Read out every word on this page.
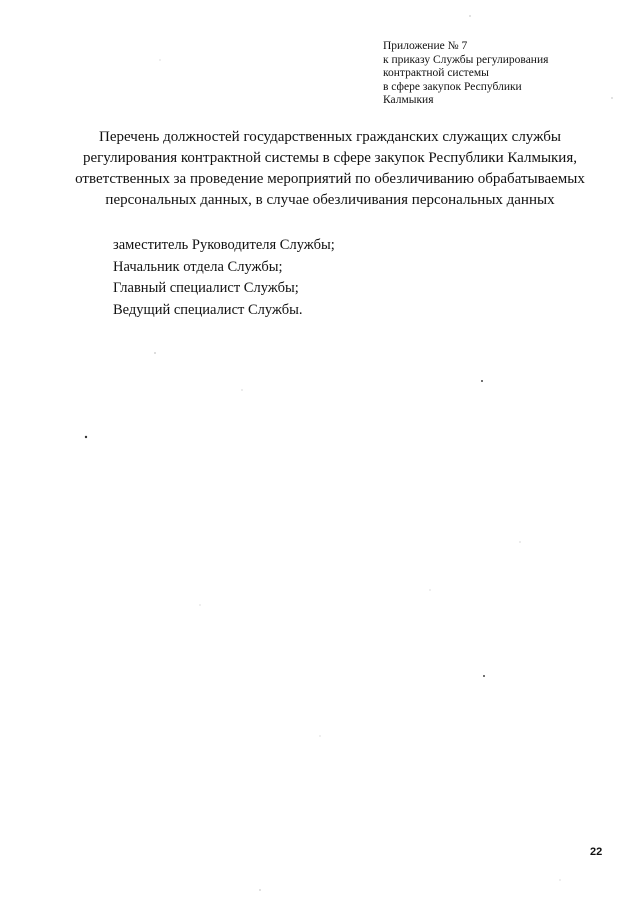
Приложение № 7
к приказу Службы регулирования
контрактной системы
в сфере закупок Республики
Калмыкия
Перечень должностей государственных гражданских служащих службы
регулирования контрактной системы в сфере закупок Республики Калмыкия,
ответственных за проведение мероприятий по обезличиванию обрабатываемых
персональных данных, в случае обезличивания персональных данных
заместитель Руководителя Службы;
Начальник отдела Службы;
Главный специалист Службы;
Ведущий специалист Службы.
22
